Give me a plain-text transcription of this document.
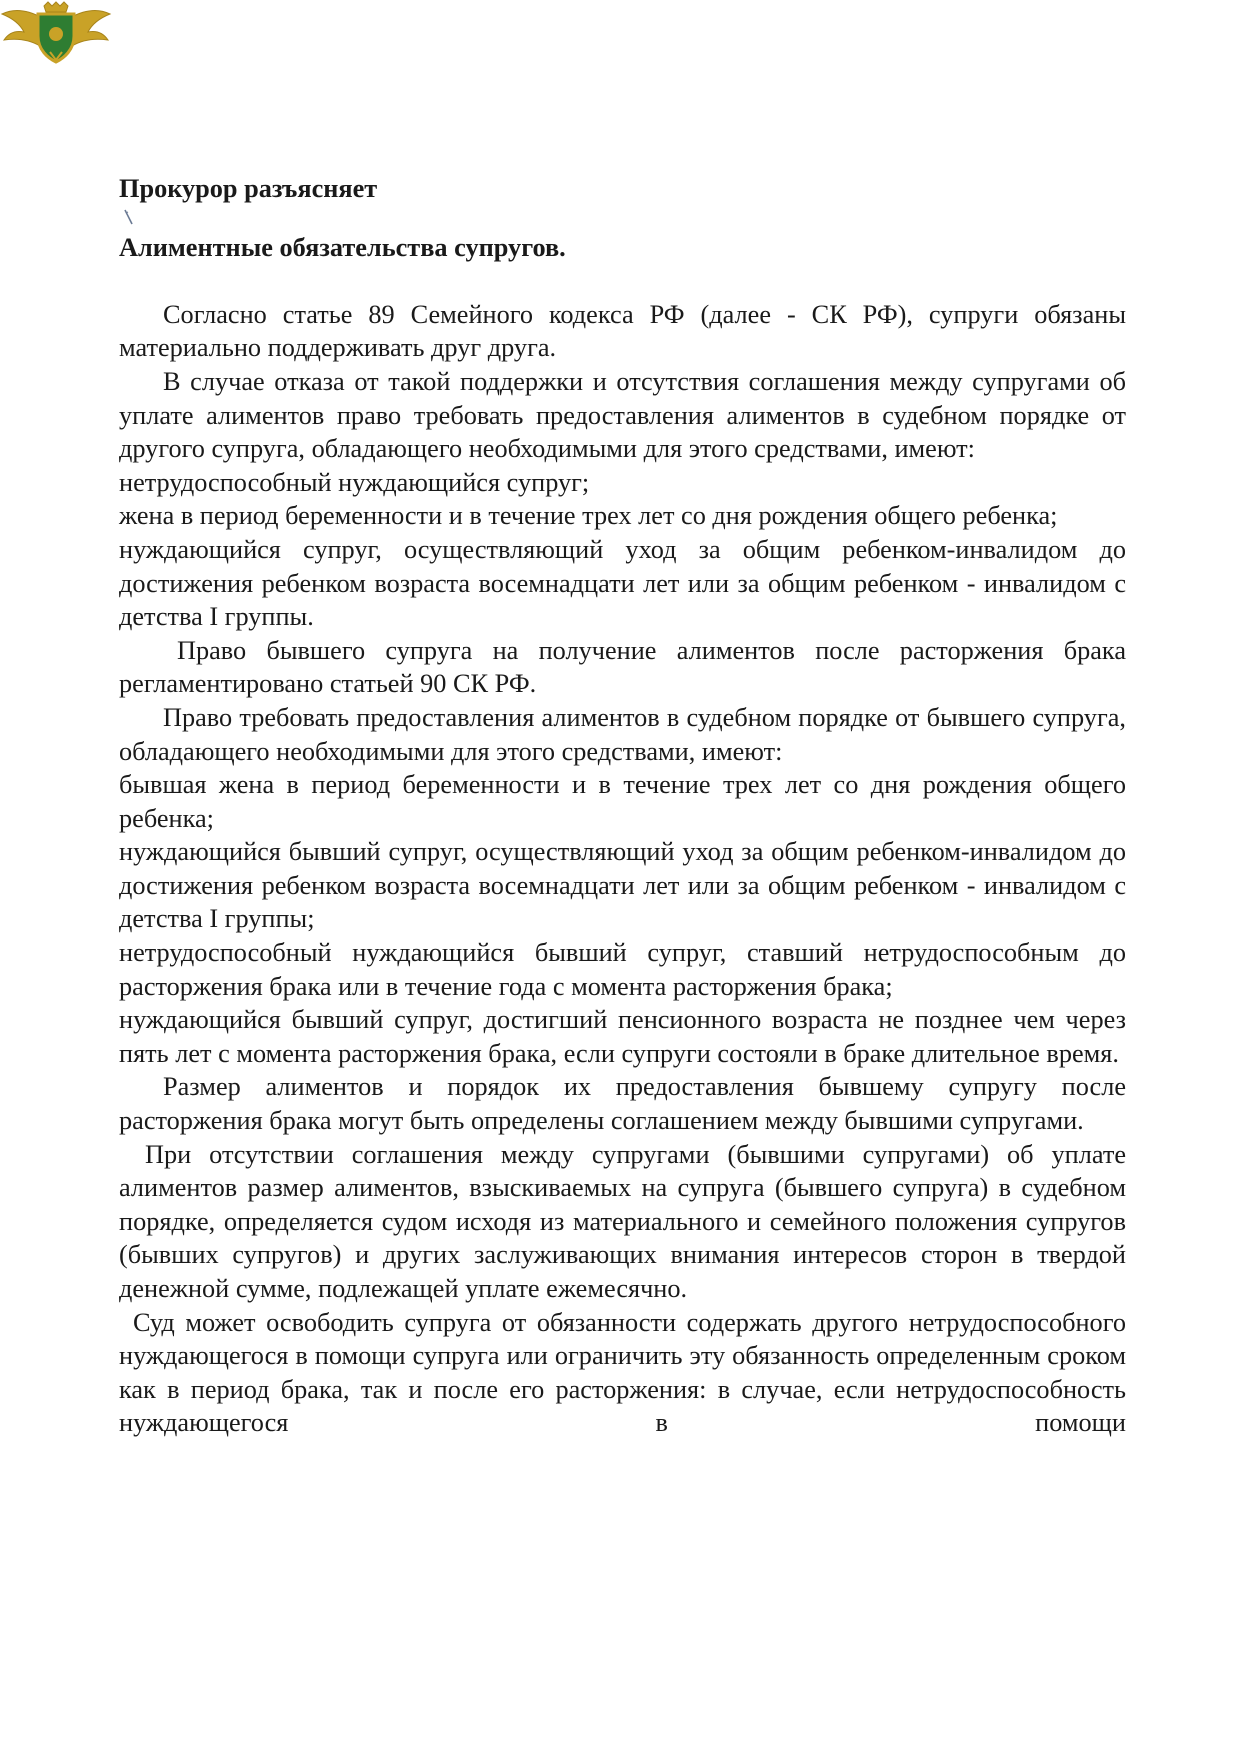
Прокурор разъясняет

Алиментные обязательства супругов.

Согласно статье 89 Семейного кодекса РФ (далее - СК РФ), супруги обязаны материально поддерживать друг друга.

В случае отказа от такой поддержки и отсутствия соглашения между супругами об уплате алиментов право требовать предоставления алиментов в судебном порядке от другого супруга, обладающего необходимыми для этого средствами, имеют:

нетрудоспособный нуждающийся супруг;

жена в период беременности и в течение трех лет со дня рождения общего ребенка;

нуждающийся супруг, осуществляющий уход за общим ребенком-инвалидом до достижения ребенком возраста восемнадцати лет или за общим ребенком - инвалидом с детства I группы.

Право бывшего супруга на получение алиментов после расторжения брака регламентировано статьей 90 СК РФ.

Право требовать предоставления алиментов в судебном порядке от бывшего супруга, обладающего необходимыми для этого средствами, имеют:

бывшая жена в период беременности и в течение трех лет со дня рождения общего ребенка;

нуждающийся бывший супруг, осуществляющий уход за общим ребенком-инвалидом до достижения ребенком возраста восемнадцати лет или за общим ребенком - инвалидом с детства I группы;

нетрудоспособный нуждающийся бывший супруг, ставший нетрудоспособным до расторжения брака или в течение года с момента расторжения брака;

нуждающийся бывший супруг, достигший пенсионного возраста не позднее чем через пять лет с момента расторжения брака, если супруги состояли в браке длительное время.

Размер алиментов и порядок их предоставления бывшему супругу после расторжения брака могут быть определены соглашением между бывшими супругами.

При отсутствии соглашения между супругами (бывшими супругами) об уплате алиментов размер алиментов, взыскиваемых на супруга (бывшего супруга) в судебном порядке, определяется судом исходя из материального и семейного положения супругов (бывших супругов) и других заслуживающих внимания интересов сторон в твердой денежной сумме, подлежащей уплате ежемесячно.

Суд может освободить супруга от обязанности содержать другого нетрудоспособного нуждающегося в помощи супруга или ограничить эту обязанность определенным сроком как в период брака, так и после его расторжения: в случае, если нетрудоспособность нуждающегося в помощи
